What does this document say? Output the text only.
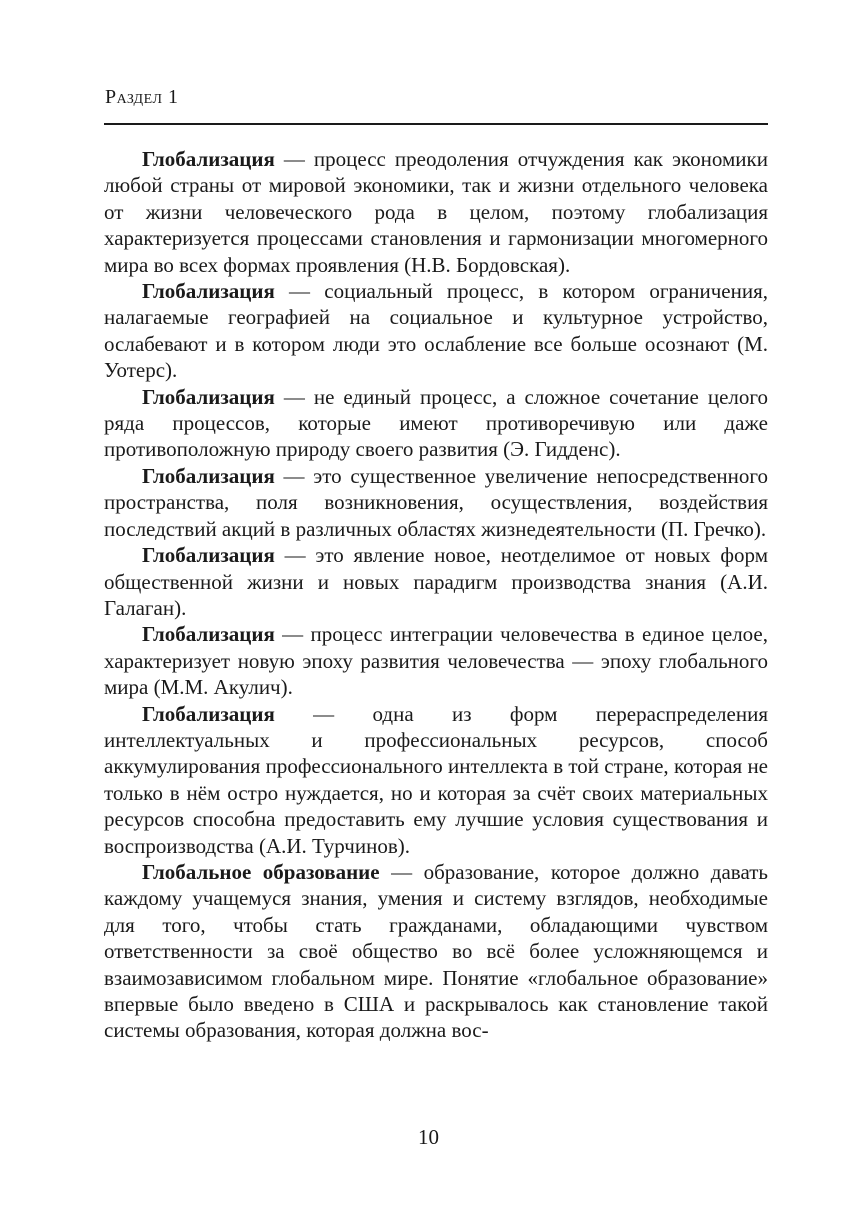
Раздел 1

Глобализация — процесс преодоления отчуждения как экономики любой страны от мировой экономики, так и жизни отдельного человека от жизни человеческого рода в целом, поэтому глобализация характеризуется процессами становления и гармонизации многомерного мира во всех формах проявления (Н.В. Бордовская).

Глобализация — социальный процесс, в котором ограничения, налагаемые географией на социальное и культурное устройство, ослабевают и в котором люди это ослабление все больше осознают (М. Уотерс).

Глобализация — не единый процесс, а сложное сочетание целого ряда процессов, которые имеют противоречивую или даже противоположную природу своего развития (Э. Гидденс).

Глобализация — это существенное увеличение непосредственного пространства, поля возникновения, осуществления, воздействия последствий акций в различных областях жизнедеятельности (П. Гречко).

Глобализация — это явление новое, неотделимое от новых форм общественной жизни и новых парадигм производства знания (А.И. Галаган).

Глобализация — процесс интеграции человечества в единое целое, характеризует новую эпоху развития человечества — эпоху глобального мира (М.М. Акулич).

Глобализация — одна из форм перераспределения интеллектуальных и профессиональных ресурсов, способ аккумулирования профессионального интеллекта в той стране, которая не только в нём остро нуждается, но и которая за счёт своих материальных ресурсов способна предоставить ему лучшие условия существования и воспроизводства (А.И. Турчинов).

Глобальное образование — образование, которое должно давать каждому учащемуся знания, умения и систему взглядов, необходимые для того, чтобы стать гражданами, обладающими чувством ответственности за своё общество во всё более усложняющемся и взаимозависимом глобальном мире. Понятие «глобальное образование» впервые было введено в США и раскрывалось как становление такой системы образования, которая должна вос-

10
